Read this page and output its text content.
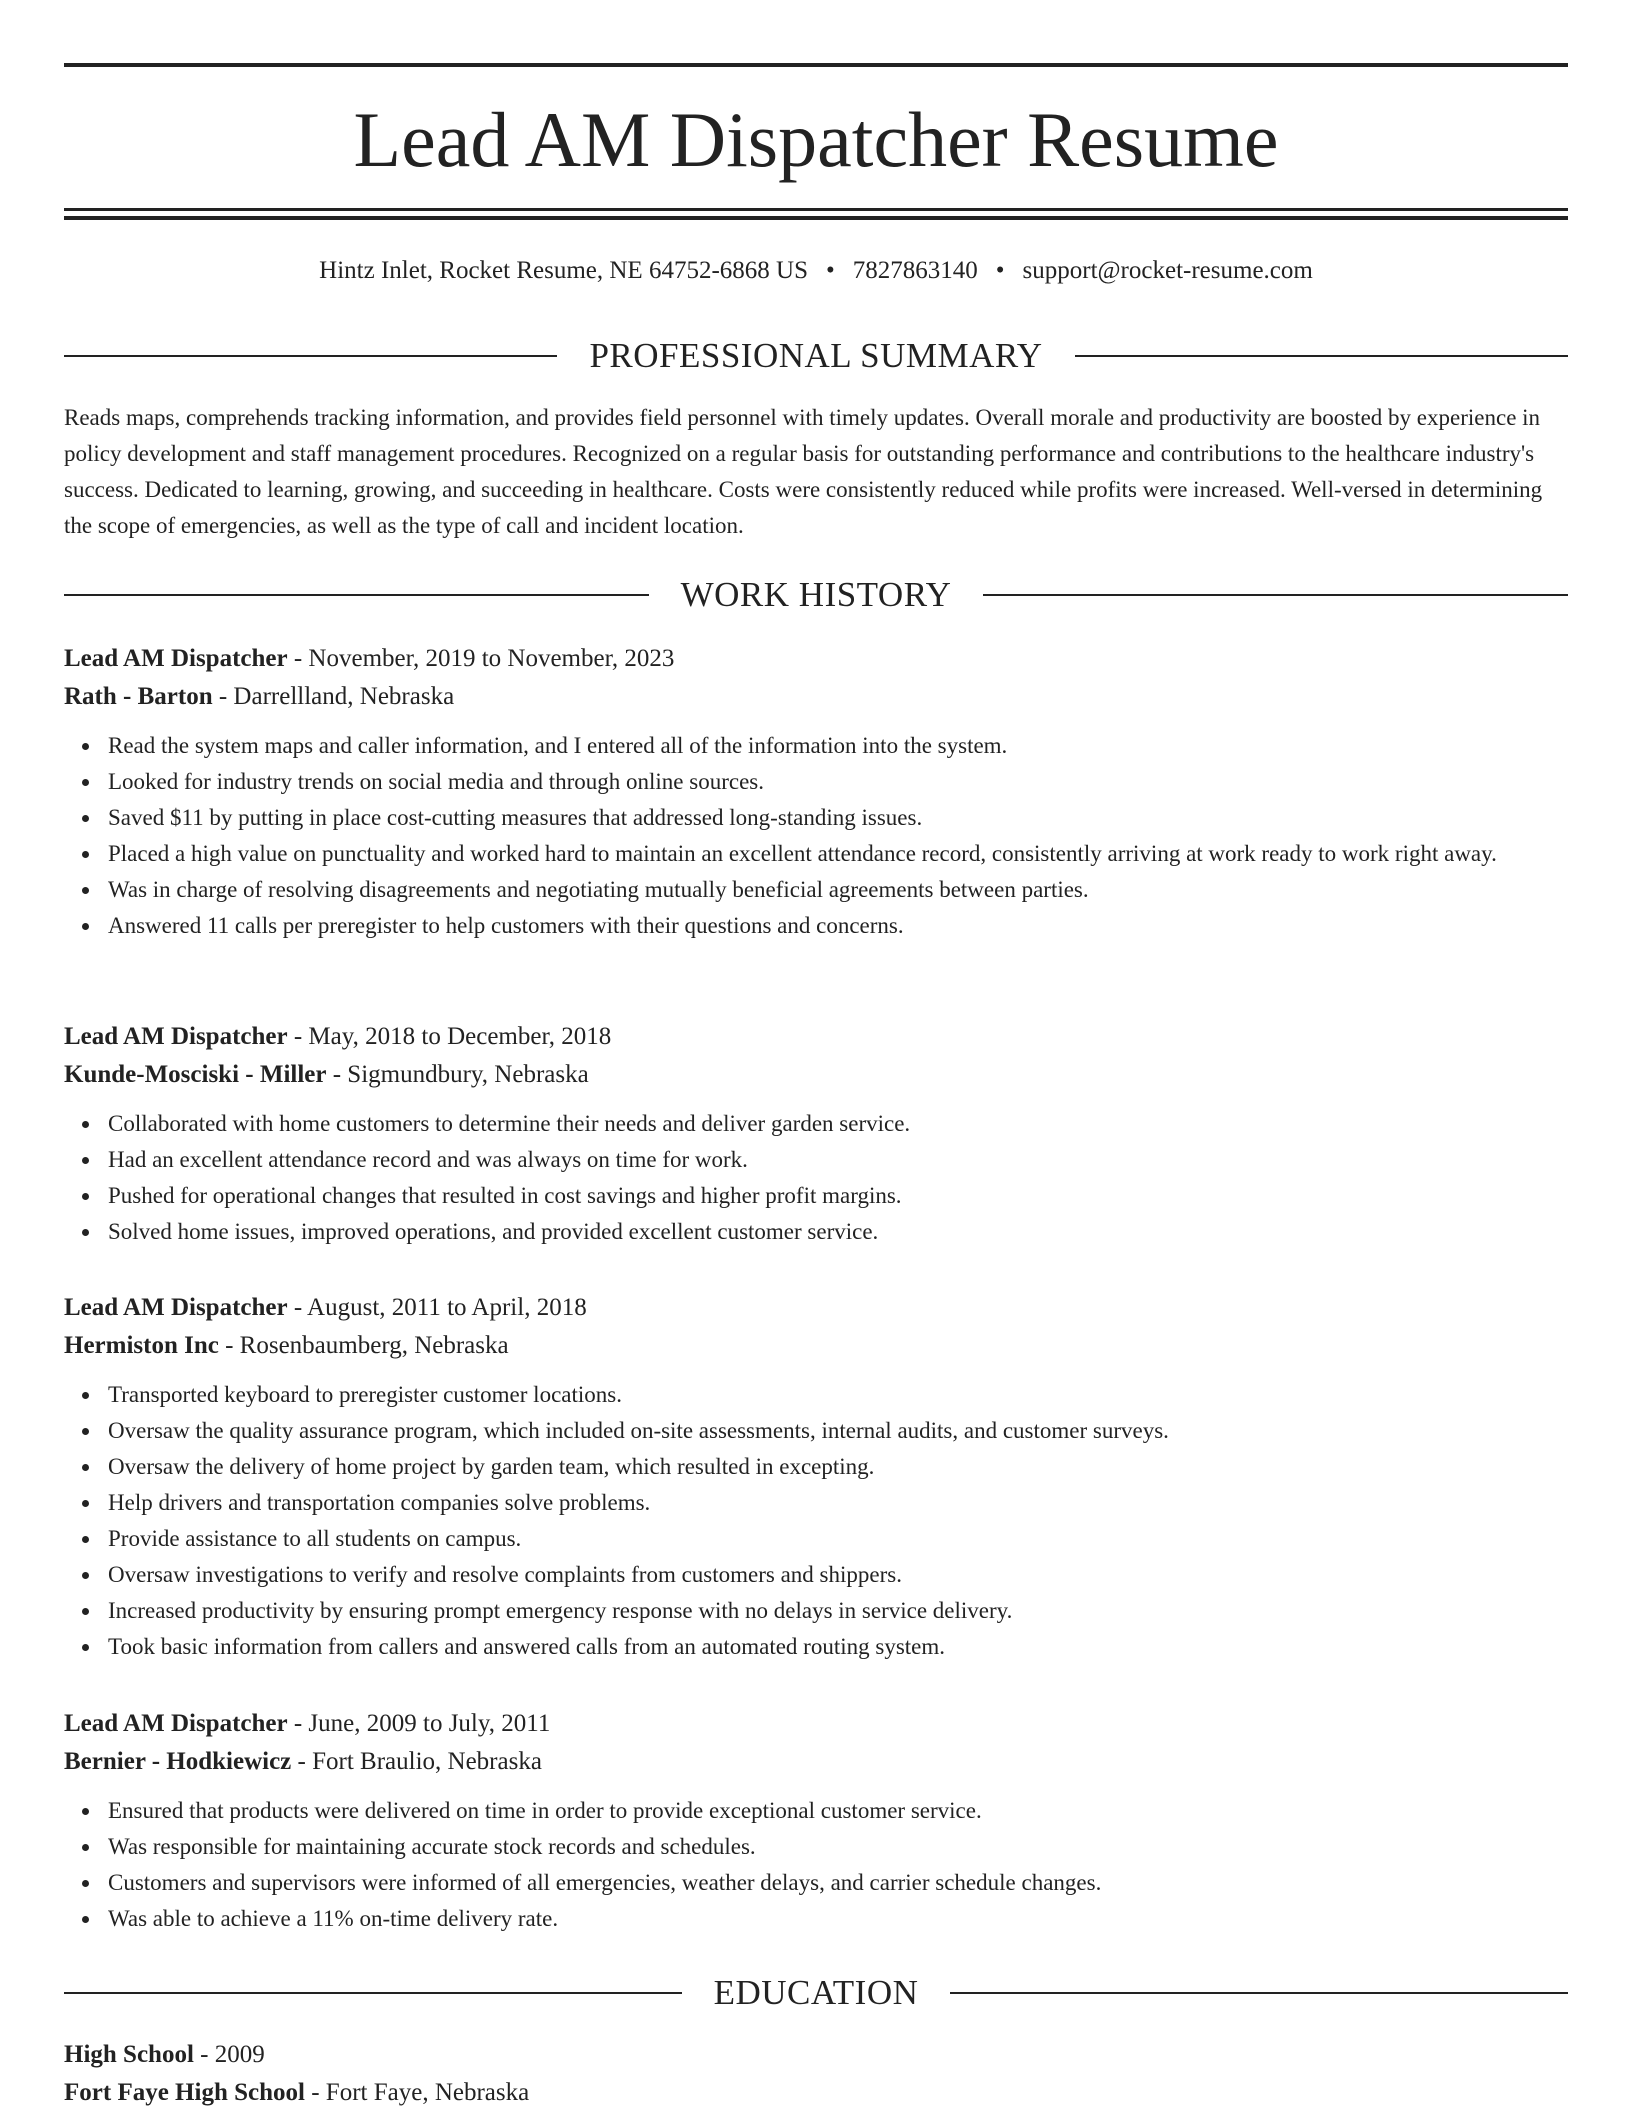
Lead AM Dispatcher Resume
Hintz Inlet, Rocket Resume, NE 64752-6868 US • 7827863140 • support@rocket-resume.com
PROFESSIONAL SUMMARY

Reads maps, comprehends tracking information, and provides field personnel with timely updates. Overall morale and productivity are boosted by experience in policy development and staff management procedures. Recognized on a regular basis for outstanding performance and contributions to the healthcare industry's success. Dedicated to learning, growing, and succeeding in healthcare. Costs were consistently reduced while profits were increased. Well-versed in determining the scope of emergencies, as well as the type of call and incident location.

WORK HISTORY
Lead AM Dispatcher - November, 2019 to November, 2023
Rath - Barton - Darrellland, Nebraska
Read the system maps and caller information, and I entered all of the information into the system.
Looked for industry trends on social media and through online sources.
Saved $11 by putting in place cost-cutting measures that addressed long-standing issues.
Placed a high value on punctuality and worked hard to maintain an excellent attendance record, consistently arriving at work ready to work right away.
Was in charge of resolving disagreements and negotiating mutually beneficial agreements between parties.
Answered 11 calls per preregister to help customers with their questions and concerns.
Lead AM Dispatcher - May, 2018 to December, 2018
Kunde-Mosciski - Miller - Sigmundbury, Nebraska
Collaborated with home customers to determine their needs and deliver garden service.
Had an excellent attendance record and was always on time for work.
Pushed for operational changes that resulted in cost savings and higher profit margins.
Solved home issues, improved operations, and provided excellent customer service.
Lead AM Dispatcher - August, 2011 to April, 2018
Hermiston Inc - Rosenbaumberg, Nebraska
Transported keyboard to preregister customer locations.
Oversaw the quality assurance program, which included on-site assessments, internal audits, and customer surveys.
Oversaw the delivery of home project by garden team, which resulted in excepting.
Help drivers and transportation companies solve problems.
Provide assistance to all students on campus.
Oversaw investigations to verify and resolve complaints from customers and shippers.
Increased productivity by ensuring prompt emergency response with no delays in service delivery.
Took basic information from callers and answered calls from an automated routing system.
Lead AM Dispatcher - June, 2009 to July, 2011
Bernier - Hodkiewicz - Fort Braulio, Nebraska
Ensured that products were delivered on time in order to provide exceptional customer service.
Was responsible for maintaining accurate stock records and schedules.
Customers and supervisors were informed of all emergencies, weather delays, and carrier schedule changes.
Was able to achieve a 11% on-time delivery rate.
EDUCATION
High School - 2009
Fort Faye High School - Fort Faye, Nebraska
